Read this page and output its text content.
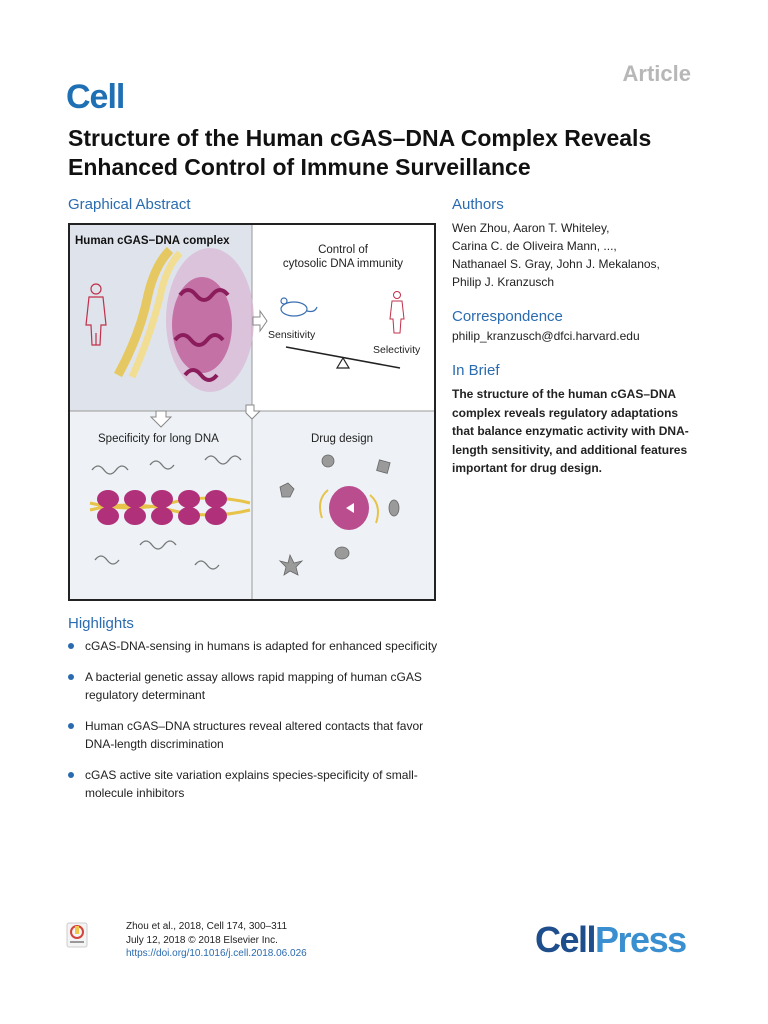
Article
Cell
Structure of the Human cGAS–DNA Complex Reveals Enhanced Control of Immune Surveillance
Graphical Abstract
Human cGAS−DNA complex
Control of
cytosolic DNA immunity
Sensitivity
Selectivity
Specificity for long DNA	Drug design
Authors
Wen Zhou, Aaron T. Whiteley,
Carina C. de Oliveira Mann, ...,
Nathanael S. Gray, John J. Mekalanos,
Philip J. Kranzusch
Correspondence
philip_kranzusch@dfci.harvard.edu
In Brief
The structure of the human cGAS–DNA complex reveals regulatory adaptations that balance enzymatic activity with DNA-length sensitivity, and additional features important for drug design.
Highlights
cGAS-DNA-sensing in humans is adapted for enhanced specificity
A bacterial genetic assay allows rapid mapping of human cGAS regulatory determinant
Human cGAS–DNA structures reveal altered contacts that favor DNA-length discrimination
cGAS active site variation explains species-specificity of small-molecule inhibitors
Zhou et al., 2018, Cell 174, 300–311
July 12, 2018 © 2018 Elsevier Inc.
https://doi.org/10.1016/j.cell.2018.06.026	CellPress
